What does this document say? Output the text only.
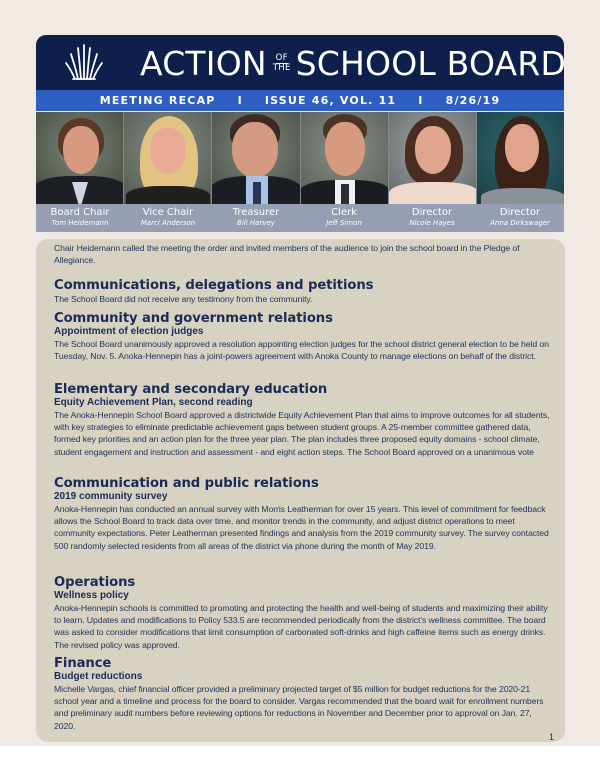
ACTION OF
THE SCHOOL BOARD
MEETING RECAP I ISSUE 46, VOL. 11 I 8/26/19
Board Chair
Tom Heidemann
Vice Chair
Marci Anderson
Treasurer
Bill Harvey
Clerk
Jeff Simon
Director
Nicole Hayes
Director
Anna Dirkswager

Chair Heidemann called the meeting the order and invited members of the audience to join the school board in the Pledge of Allegiance.

Communications, delegations and petitions

The School Board did not receive any testimony from the community.

Community and government relations
Appointment of election judges

The School Board unanimously approved a resolution appointing election judges for the school district general election to be held on Tuesday, Nov. 5. Anoka-Hennepin has a joint-powers agreement with Anoka County to manage elections on behalf of the district.

Elementary and secondary education
Equity Achievement Plan, second reading

The Anoka-Hennepin School Board approved a districtwide Equity Achievement Plan that aims to improve outcomes for all students, with key strategies to eliminate predictable achievement gaps between student groups. A 25-member committee gathered data, formed key priorities and an action plan for the three year plan. The plan includes three proposed equity domains - school climate, student engagement and instruction and assessment - and eight action steps. The School Board approved on a unanimous vote

Communication and public relations
2019 community survey

Anoka-Hennepin has conducted an annual survey with Morris Leatherman for over 15 years. This level of commitment for feedback allows the School Board to track data over time, and monitor trends in the community, and adjust district operations to meet community expectations. Peter Leatherman presented findings and analysis from the 2019 community survey. The survey contacted 500 randomly selected residents from all areas of the district via phone during the month of May 2019.

Operations
Wellness policy

Anoka-Hennepin schools is committed to promoting and protecting the health and well-being of students and maximizing their ability to learn. Updates and modifications to Policy 533.5 are recommended periodically from the district's wellness committee. The board was asked to consider modifications that limit consumption of carbonated soft-drinks and high caffeine items such as energy drinks. The revised policy was approved.

Finance
Budget reductions

Michelle Vargas, chief financial officer provided a preliminary projected target of $5 million for budget reductions for the 2020-21 school year and a timeline and process for the board to consider. Vargas recommended that the board wait for enrollment numbers and preliminary audit numbers before reviewing options for reductions in November and December prior to approval on Jan. 27, 2020.

1
